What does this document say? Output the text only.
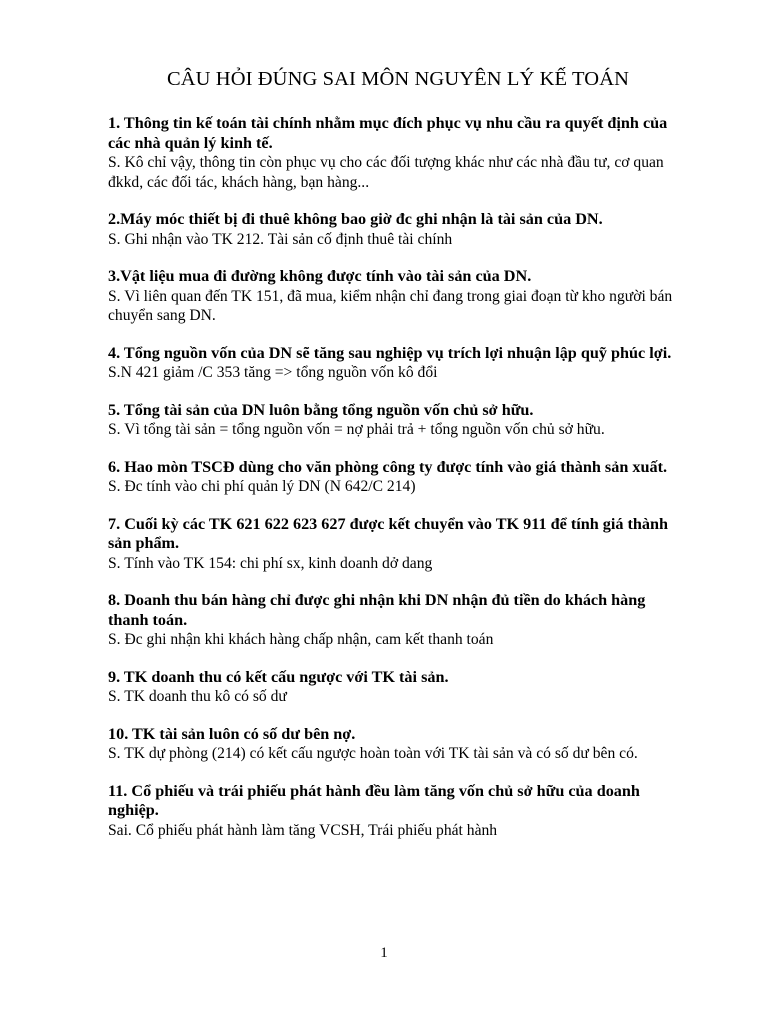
CÂU HỎI ĐÚNG SAI MÔN NGUYÊN LÝ KẾ TOÁN

1. Thông tin kế toán tài chính nhằm mục đích phục vụ nhu cầu ra quyết định của các nhà quản lý kinh tế.

S. Kô chỉ vậy, thông tin còn phục vụ cho các đối tượng khác như các nhà đầu tư, cơ quan đkkd, các đối tác, khách hàng, bạn hàng...

2.Máy móc thiết bị đi thuê không bao giờ đc ghi nhận là tài sản của DN.

S. Ghi nhận vào TK 212. Tài sản cố định thuê tài chính

3.Vật liệu mua đi đường không được tính vào tài sản của DN.

S. Vì liên quan đến TK 151, đã mua, kiểm nhận chỉ đang trong giai đoạn từ kho người bán chuyển sang DN.

4. Tổng nguồn vốn của DN sẽ tăng sau nghiệp vụ trích lợi nhuận lập quỹ phúc lợi.

S.N 421 giảm /C 353 tăng => tổng nguồn vốn kô đổi

5. Tổng tài sản của DN luôn bằng tổng nguồn vốn chủ sở hữu.

S. Vì tổng tài sản = tổng nguồn vốn = nợ phải trả + tổng nguồn vốn chủ sở hữu.

6. Hao mòn TSCĐ dùng cho văn phòng công ty được tính vào giá thành sản xuất.

S. Đc tính vào chi phí quản lý DN (N 642/C 214)

7. Cuối kỳ các TK 621 622 623 627 được kết chuyển vào TK 911 để tính giá thành sản phẩm.

S. Tính vào TK 154: chi phí sx, kinh doanh dở dang

8. Doanh thu bán hàng chỉ được ghi nhận khi DN nhận đủ tiền do khách hàng thanh toán.

S. Đc ghi nhận khi khách hàng chấp nhận, cam kết thanh toán

9. TK doanh thu có kết cấu ngược với TK tài sản.

S. TK doanh thu kô có số dư

10. TK tài sản luôn có số dư bên nợ.

S. TK dự phòng (214) có kết cấu ngược hoàn toàn với TK tài sản và có số dư bên có.

11. Cổ phiếu và trái phiếu phát hành đều làm tăng vốn chủ sở hữu của doanh nghiệp.

Sai. Cổ phiếu phát hành làm tăng VCSH, Trái phiếu phát hành

1
